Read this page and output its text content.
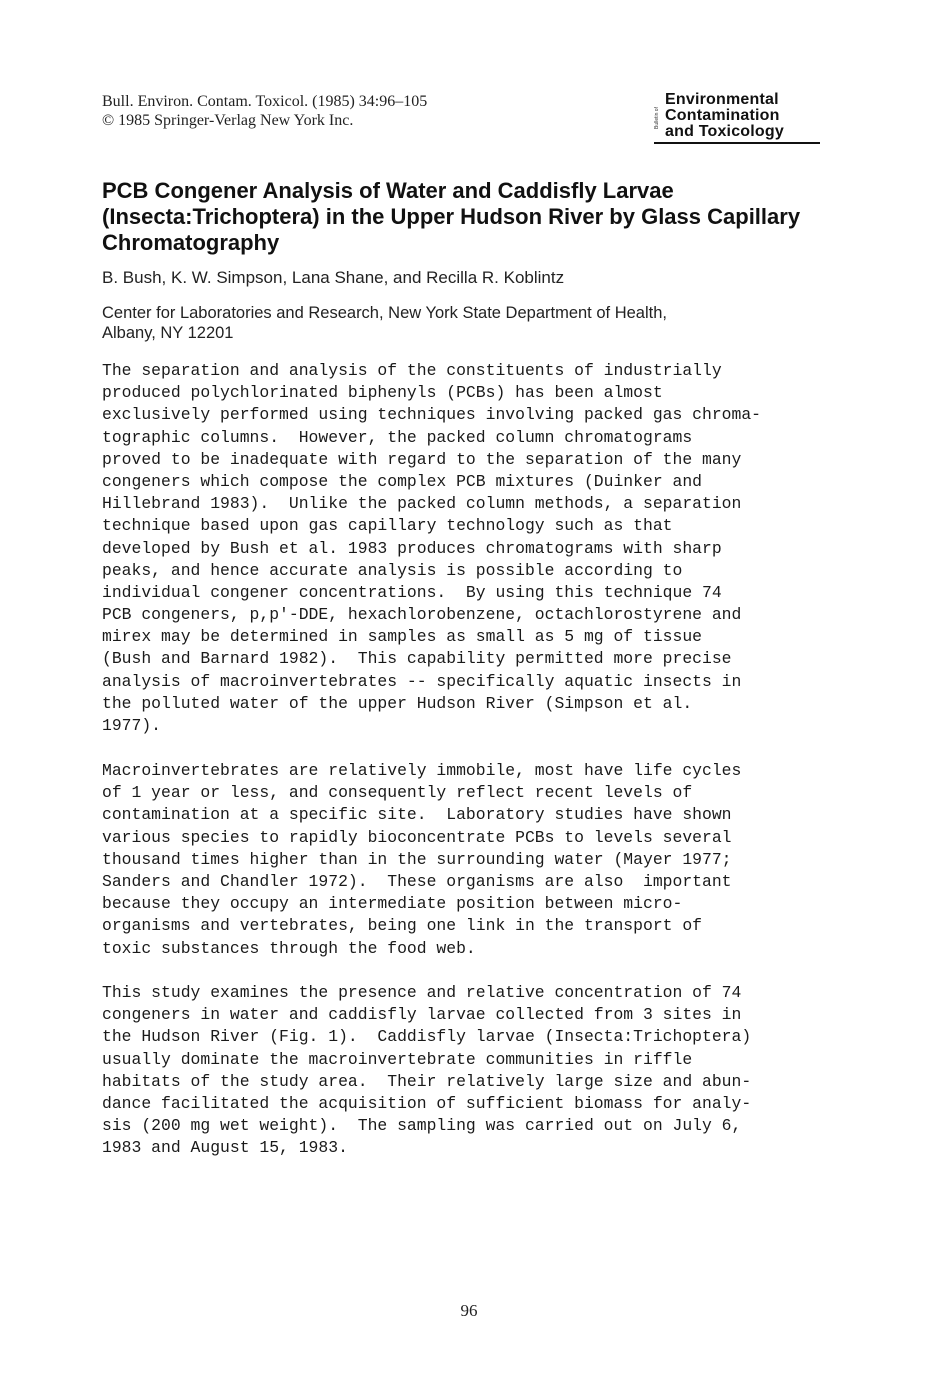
Bull. Environ. Contam. Toxicol. (1985) 34:96–105
© 1985 Springer-Verlag New York Inc.	Bulletin of
Environmental
Contamination
and Toxicology
PCB Congener Analysis of Water and Caddisfly Larvae (Insecta:Trichoptera) in the Upper Hudson River by Glass Capillary Chromatography
B. Bush, K. W. Simpson, Lana Shane, and Recilla R. Koblintz
Center for Laboratories and Research, New York State Department of Health,
Albany, NY 12201
The separation and analysis of the constituents of industrially
produced polychlorinated biphenyls (PCBs) has been almost
exclusively performed using techniques involving packed gas chroma-
tographic columns.  However, the packed column chromatograms
proved to be inadequate with regard to the separation of the many
congeners which compose the complex PCB mixtures (Duinker and
Hillebrand 1983).  Unlike the packed column methods, a separation
technique based upon gas capillary technology such as that
developed by Bush et al. 1983 produces chromatograms with sharp
peaks, and hence accurate analysis is possible according to
individual congener concentrations.  By using this technique 74
PCB congeners, p,p'-DDE, hexachlorobenzene, octachlorostyrene and
mirex may be determined in samples as small as 5 mg of tissue
(Bush and Barnard 1982).  This capability permitted more precise
analysis of macroinvertebrates -- specifically aquatic insects in
the polluted water of the upper Hudson River (Simpson et al.
1977).
Macroinvertebrates are relatively immobile, most have life cycles
of 1 year or less, and consequently reflect recent levels of
contamination at a specific site.  Laboratory studies have shown
various species to rapidly bioconcentrate PCBs to levels several
thousand times higher than in the surrounding water (Mayer 1977;
Sanders and Chandler 1972).  These organisms are also  important
because they occupy an intermediate position between micro-
organisms and vertebrates, being one link in the transport of
toxic substances through the food web.
This study examines the presence and relative concentration of 74
congeners in water and caddisfly larvae collected from 3 sites in
the Hudson River (Fig. 1).  Caddisfly larvae (Insecta:Trichoptera)
usually dominate the macroinvertebrate communities in riffle
habitats of the study area.  Their relatively large size and abun-
dance facilitated the acquisition of sufficient biomass for analy-
sis (200 mg wet weight).  The sampling was carried out on July 6,
1983 and August 15, 1983.
96
